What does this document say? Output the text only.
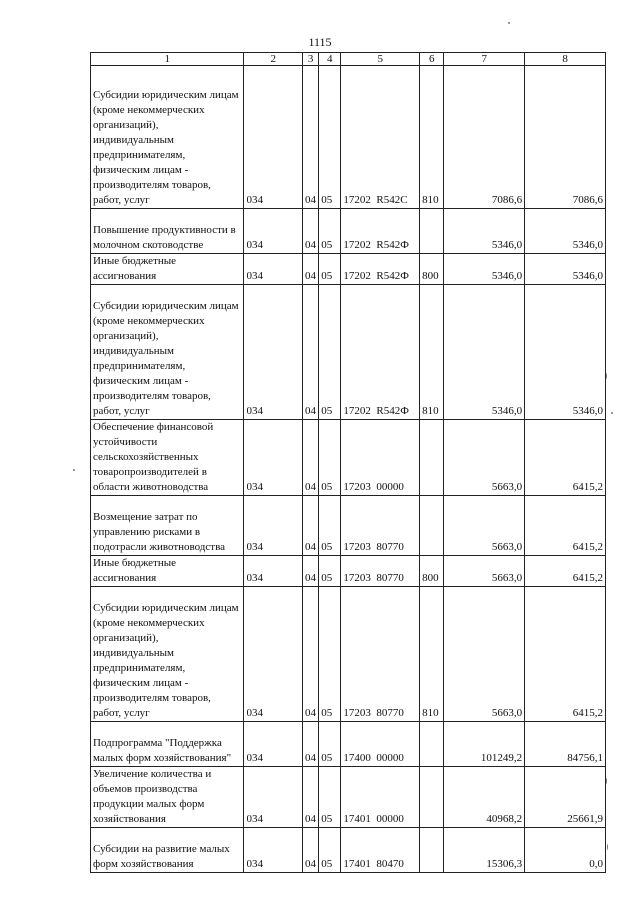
1115
1	2	3	4	5	6	7	8
Субсидии юридическим лицам (кроме некоммерческих организаций), индивидуальным предпринимателям, физическим лицам - производителям товаров, работ, услуг	034	04	05	17202  R542C	810	7086,6	7086,6
Повышение продуктивности в молочном скотоводстве	034	04	05	17202  R542Ф		5346,0	5346,0
Иные бюджетные ассигнования	034	04	05	17202  R542Ф	800	5346,0	5346,0
Субсидии юридическим лицам (кроме некоммерческих организаций), индивидуальным предпринимателям, физическим лицам - производителям товаров, работ, услуг	034	04	05	17202  R542Ф	810	5346,0	5346,0
Обеспечение финансовой устойчивости сельскохозяйственных товаропроизводителей в области животноводства	034	04	05	17203  00000		5663,0	6415,2
Возмещение затрат по управлению рисками в подотрасли животноводства	034	04	05	17203  80770		5663,0	6415,2
Иные бюджетные ассигнования	034	04	05	17203  80770	800	5663,0	6415,2
Субсидии юридическим лицам (кроме некоммерческих организаций), индивидуальным предпринимателям, физическим лицам - производителям товаров, работ, услуг	034	04	05	17203  80770	810	5663,0	6415,2
Подпрограмма "Поддержка малых форм хозяйствования"	034	04	05	17400  00000		101249,2	84756,1
Увеличение количества и объемов производства продукции малых форм хозяйствования	034	04	05	17401  00000		40968,2	25661,9
Субсидии на развитие малых форм хозяйствования	034	04	05	17401  80470		15306,3	0,0
